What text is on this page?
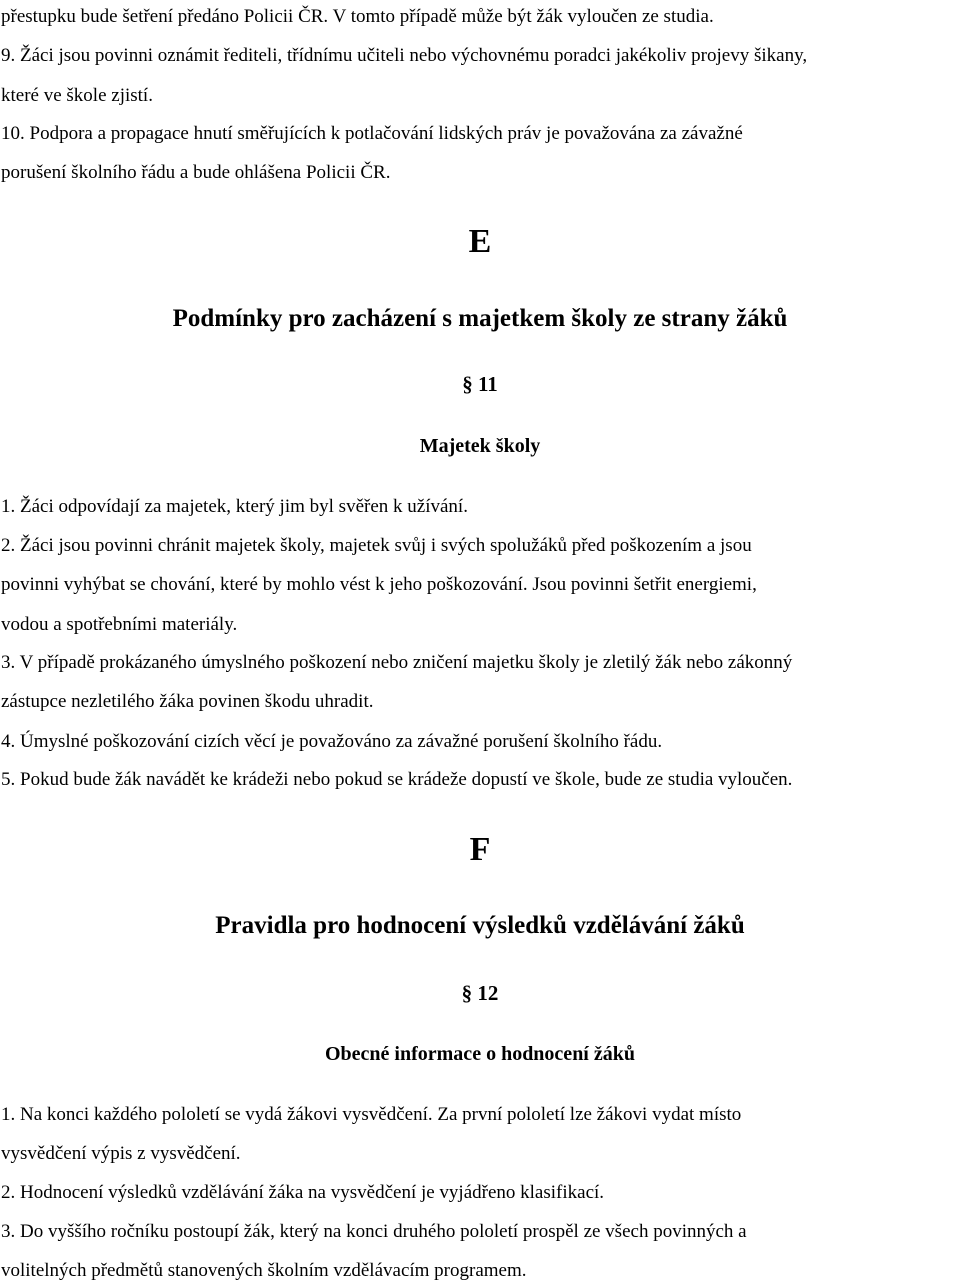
přestupku bude šetření předáno Policii ČR. V tomto případě může být žák vyloučen ze studia.
9. Žáci jsou povinni oznámit řediteli, třídnímu učiteli nebo výchovnému poradci jakékoliv projevy šikany,
které ve škole zjistí.
10. Podpora a propagace hnutí směřujících k potlačování lidských práv je považována za závažné
porušení školního řádu a bude ohlášena Policii ČR.
E
Podmínky pro zacházení s majetkem školy ze strany žáků
§ 11
Majetek školy
1. Žáci odpovídají za majetek, který jim byl svěřen k užívání.
2. Žáci jsou povinni chránit majetek školy, majetek svůj i svých spolužáků před poškozením a jsou
povinni vyhýbat se chování, které by mohlo vést k jeho poškozování. Jsou povinni šetřit energiemi,
vodou a spotřebními materiály.
3. V případě prokázaného úmyslného poškození nebo zničení majetku školy je zletilý žák nebo zákonný
zástupce nezletilého žáka povinen škodu uhradit.
4. Úmyslné poškozování cizích věcí je považováno za závažné porušení školního řádu.
5. Pokud bude žák navádět ke krádeži nebo pokud se krádeže dopustí ve škole, bude ze studia vyloučen.
F
Pravidla pro hodnocení výsledků vzdělávání žáků
§ 12
Obecné informace o hodnocení žáků
1. Na konci každého pololetí se vydá žákovi vysvědčení. Za první pololetí lze žákovi vydat místo
vysvědčení výpis z vysvědčení.
2. Hodnocení výsledků vzdělávání žáka na vysvědčení je vyjádřeno klasifikací.
3. Do vyššího ročníku postoupí žák, který na konci druhého pololetí prospěl ze všech povinných a
volitelných předmětů stanovených školním vzdělávacím programem.
